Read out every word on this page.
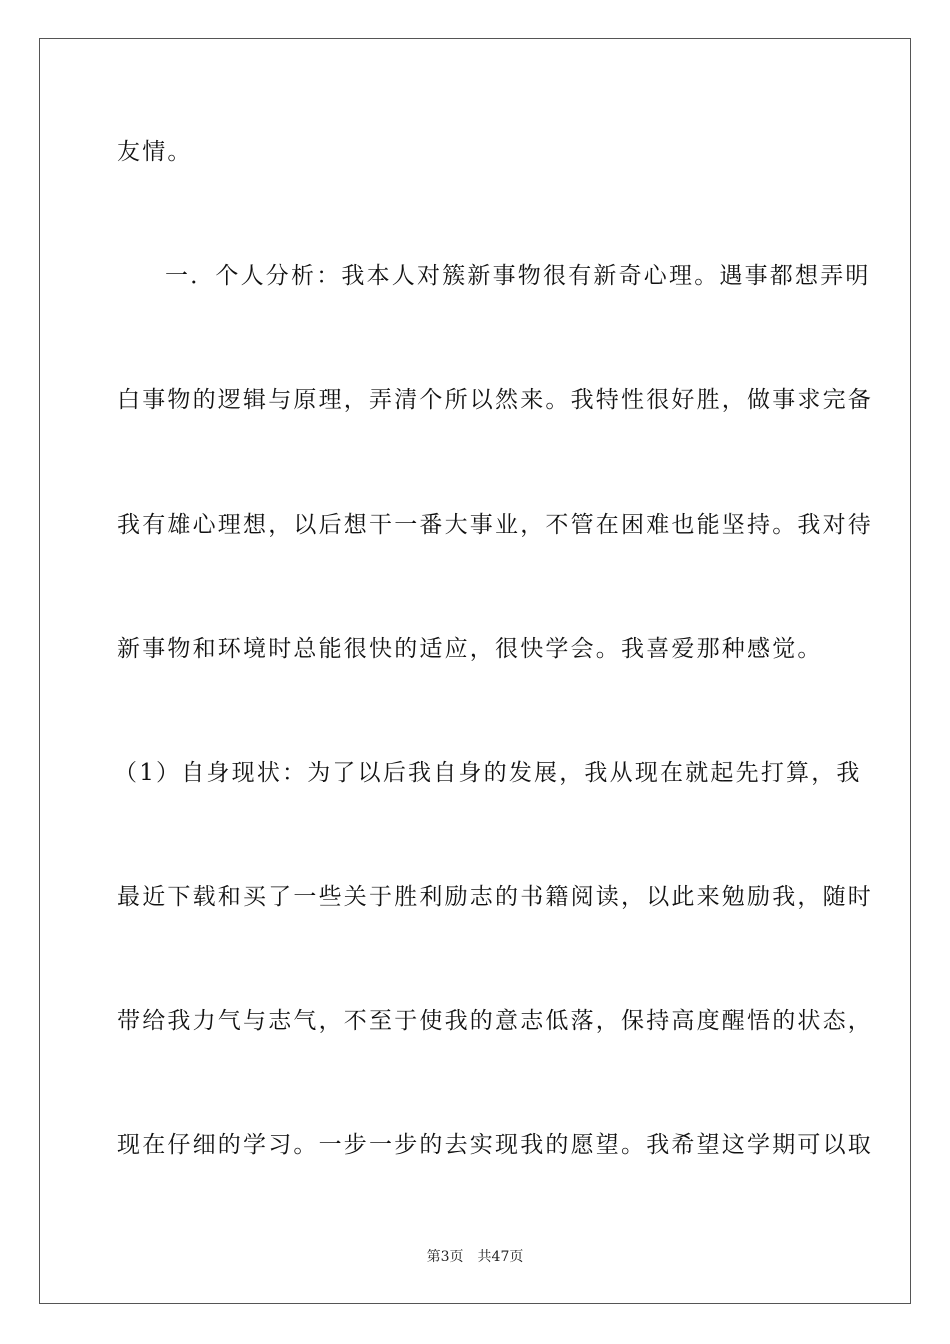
友情。
一．个人分析：我本人对簇新事物很有新奇心理。遇事都想弄明
白事物的逻辑与原理，弄清个所以然来。我特性很好胜，做事求完备
我有雄心理想，以后想干一番大事业，不管在困难也能坚持。我对待
新事物和环境时总能很快的适应，很快学会。我喜爱那种感觉。
（1）自身现状：为了以后我自身的发展，我从现在就起先打算，我
最近下载和买了一些关于胜利励志的书籍阅读，以此来勉励我，随时
带给我力气与志气，不至于使我的意志低落，保持高度醒悟的状态，
现在仔细的学习。一步一步的去实现我的愿望。我希望这学期可以取
第3页 共47页
